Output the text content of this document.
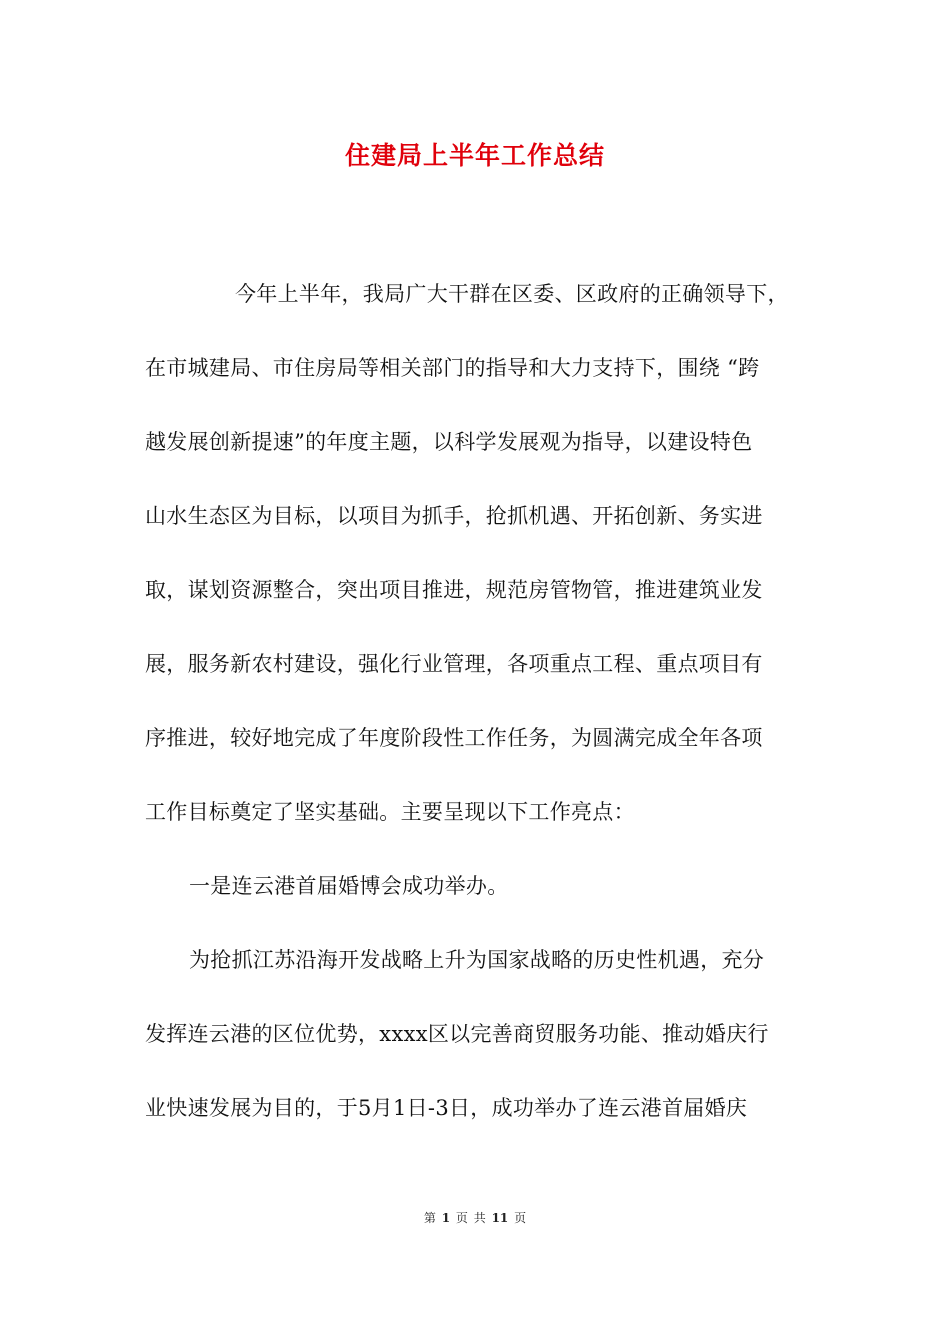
住建局上半年工作总结
今年上半年，我局广大干群在区委、区政府的正确领导下，
在市城建局、市住房局等相关部门的指导和大力支持下，围绕 “跨
越发展创新提速”的年度主题，以科学发展观为指导，以建设特色
山水生态区为目标，以项目为抓手，抢抓机遇、开拓创新、务实进
取，谋划资源整合，突出项目推进，规范房管物管，推进建筑业发
展，服务新农村建设，强化行业管理，各项重点工程、重点项目有
序推进，较好地完成了年度阶段性工作任务，为圆满完成全年各项
工作目标奠定了坚实基础。主要呈现以下工作亮点：
一是连云港首届婚博会成功举办。
为抢抓江苏沿海开发战略上升为国家战略的历史性机遇，充分
发挥连云港的区位优势，xxxx区以完善商贸服务功能、推动婚庆行
业快速发展为目的，于5月1日-3日，成功举办了连云港首届婚庆
第 1 页 共 11 页
